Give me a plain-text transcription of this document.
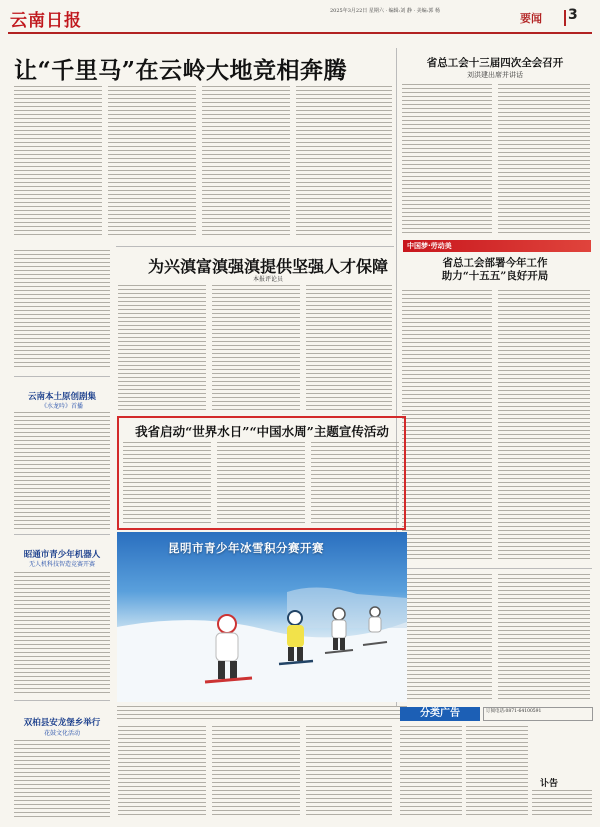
云南日报	2025年3月22日 星期六 · 编辑:刘 静 · 美编:郭 杨
要闻 3
让“千里马”在云岭大地竞相奔腾	省总工会十三届四次全会召开
刘洪建出席并讲话
为兴滇富滇强滇提供坚强人才保障
本报评论员
中国梦·劳动美
省总工会部署今年工作
助力“十五五”良好开局
云南本土原创剧集
《水龙吟》首播
昭通市青少年机器人
无人机科技智造竞赛开赛
双柏县安龙堡乡举行
花鼓文化活动
我省启动“世界水日”“中国水周”主题宣传活动
昆明市青少年冰雪积分赛开赛
分类广告	订阅电话:0871-64100591
讣告
